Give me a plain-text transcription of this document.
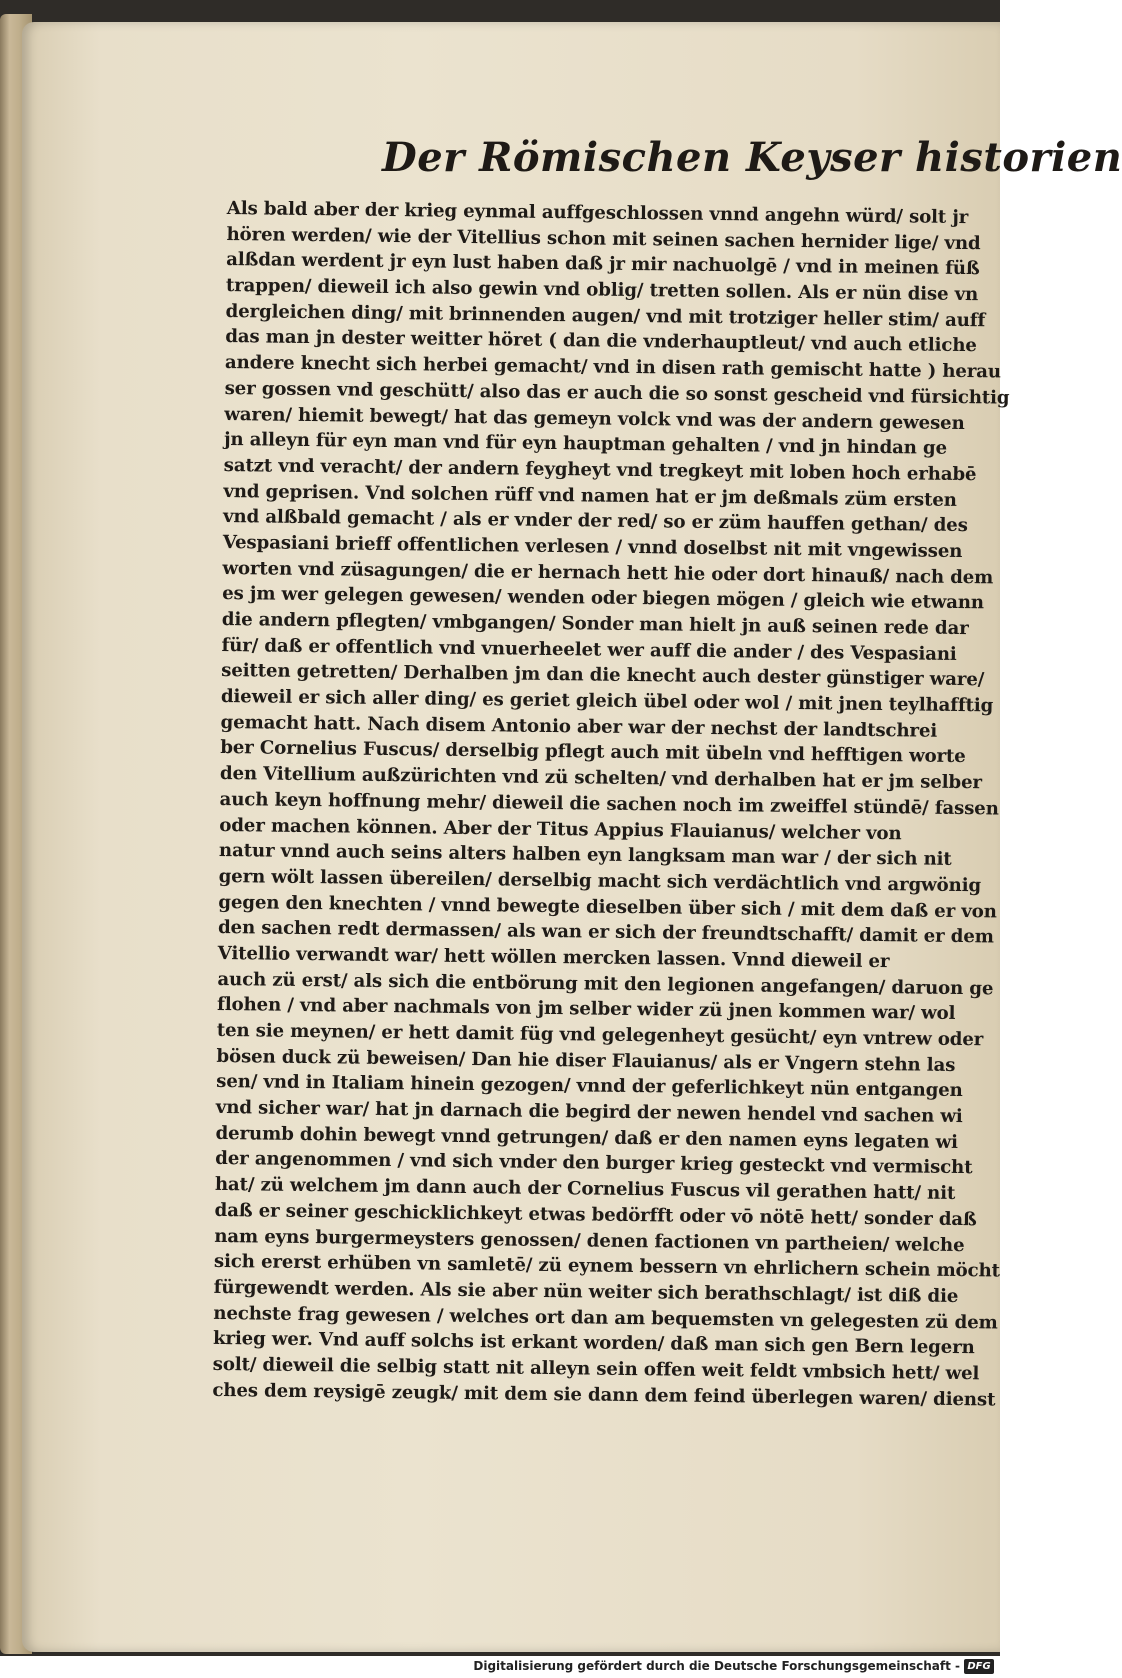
Der Römischen Keyser historien
Als bald aber der krieg eynmal auffgeschlossen vnnd angehn würd/ solt jr
hören werden/ wie der Vitellius schon mit seinen sachen hernider lige/ vnd
alßdan werdent jr eyn lust haben daß jr mir nachuolgē / vnd in meinen füß
trappen/ dieweil ich also gewin vnd oblig/ tretten sollen. Als er nün dise vn
dergleichen ding/ mit brinnenden augen/ vnd mit trotziger heller stim/ auff
das man jn dester weitter höret ( dan die vnderhauptleut/ vnd auch etliche
andere knecht sich herbei gemacht/ vnd in disen rath gemischt hatte ) herau
ser gossen vnd geschütt/ also das er auch die so sonst gescheid vnd fürsichtig
waren/ hiemit bewegt/ hat das gemeyn volck vnd was der andern gewesen
jn alleyn für eyn man vnd für eyn hauptman gehalten / vnd jn hindan ge
satzt vnd veracht/ der andern feygheyt vnd tregkeyt mit loben hoch erhabē
vnd geprisen. Vnd solchen rüff vnd namen hat er jm deßmals züm ersten
vnd alßbald gemacht / als er vnder der red/ so er züm hauffen gethan/ des
Vespasiani brieff offentlichen verlesen / vnnd doselbst nit mit vngewissen
worten vnd züsagungen/ die er hernach hett hie oder dort hinauß/ nach dem
es jm wer gelegen gewesen/ wenden oder biegen mögen / gleich wie etwann
die andern pflegten/ vmbgangen/ Sonder man hielt jn auß seinen rede dar
für/ daß er offentlich vnd vnuerheelet wer auff die ander / des Vespasiani
seitten getretten/ Derhalben jm dan die knecht auch dester günstiger ware/
dieweil er sich aller ding/ es geriet gleich übel oder wol / mit jnen teylhafftig
gemacht hatt. Nach disem Antonio aber war der nechst der landtschrei
ber Cornelius Fuscus/ derselbig pflegt auch mit übeln vnd hefftigen worte
den Vitellium außzürichten vnd zü schelten/ vnd derhalben hat er jm selber
auch keyn hoffnung mehr/ dieweil die sachen noch im zweiffel stündē/ fassen
oder machen können. Aber der Titus Appius Flauianus/ welcher von
natur vnnd auch seins alters halben eyn langksam man war / der sich nit
gern wölt lassen übereilen/ derselbig macht sich verdächtlich vnd argwönig
gegen den knechten / vnnd bewegte dieselben über sich / mit dem daß er von
den sachen redt dermassen/ als wan er sich der freundtschafft/ damit er dem
Vitellio verwandt war/ hett wöllen mercken lassen. Vnnd dieweil er
auch zü erst/ als sich die entbörung mit den legionen angefangen/ daruon ge
flohen / vnd aber nachmals von jm selber wider zü jnen kommen war/ wol
ten sie meynen/ er hett damit füg vnd gelegenheyt gesücht/ eyn vntrew oder
bösen duck zü beweisen/ Dan hie diser Flauianus/ als er Vngern stehn las
sen/ vnd in Italiam hinein gezogen/ vnnd der geferlichkeyt nün entgangen
vnd sicher war/ hat jn darnach die begird der newen hendel vnd sachen wi
derumb dohin bewegt vnnd getrungen/ daß er den namen eyns legaten wi
der angenommen / vnd sich vnder den burger krieg gesteckt vnd vermischt
hat/ zü welchem jm dann auch der Cornelius Fuscus vil gerathen hatt/ nit
daß er seiner geschicklichkeyt etwas bedörfft oder vō nötē hett/ sonder daß
nam eyns burgermeysters genossen/ denen factionen vn partheien/ welche
sich ererst erhüben vn samletē/ zü eynem bessern vn ehrlichern schein möcht
fürgewendt werden. Als sie aber nün weiter sich berathschlagt/ ist diß die
nechste frag gewesen / welches ort dan am bequemsten vn gelegesten zü dem
krieg wer. Vnd auff solchs ist erkant worden/ daß man sich gen Bern legern
solt/ dieweil die selbig statt nit alleyn sein offen weit feldt vmbsich hett/ wel
ches dem reysigē zeugk/ mit dem sie dann dem feind überlegen waren/ dienst
Digitalisierung gefördert durch die Deutsche Forschungsgemeinschaft - DFG
